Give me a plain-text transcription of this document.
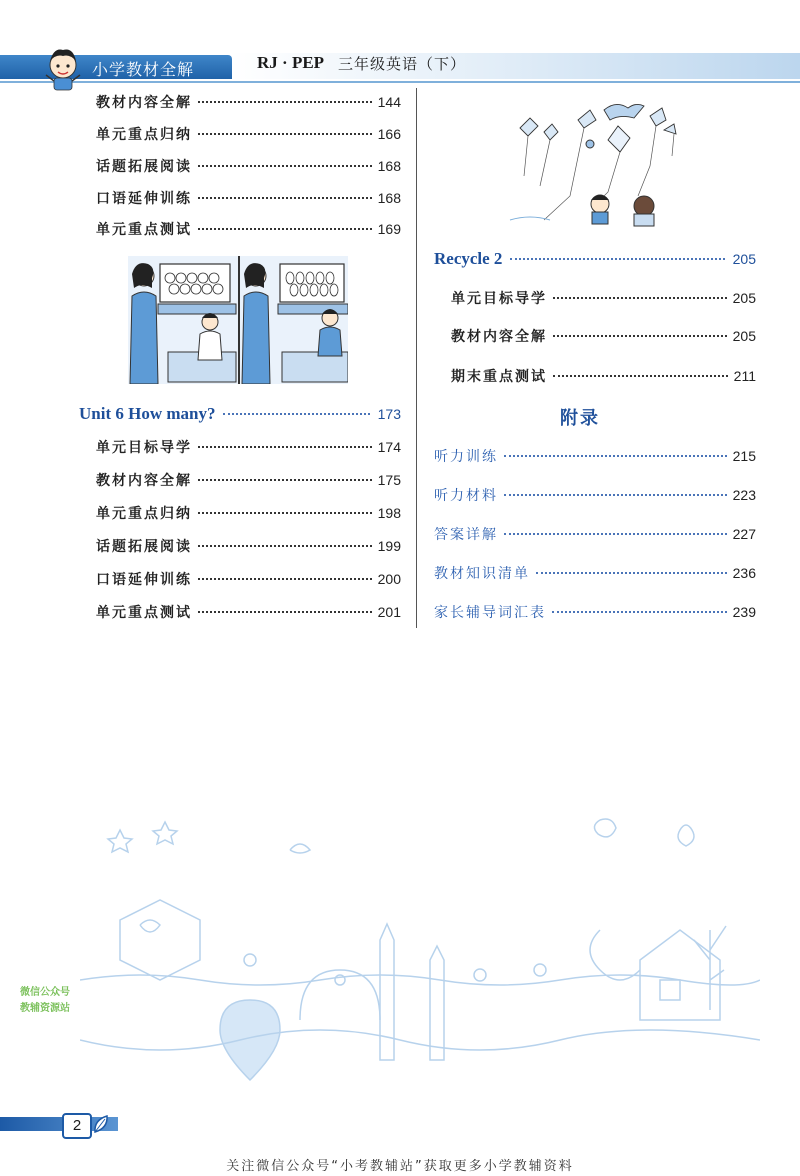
小学教材全解	RJ · PEP 三年级英语（下）
教材内容全解	144
单元重点归纳	166
话题拓展阅读	168
口语延伸训练	168
单元重点测试	169
Unit 6 How many?	173
单元目标导学	174
教材内容全解	175
单元重点归纳	198
话题拓展阅读	199
口语延伸训练	200
单元重点测试	201
Recycle 2	205
单元目标导学	205
教材内容全解	205
期末重点测试	211
附录
听力训练	215
听力材料	223
答案详解	227
教材知识清单	236
家长辅导词汇表	239
微信公众号
教辅资源站
2
关注微信公众号“小考教辅站”获取更多小学教辅资料
